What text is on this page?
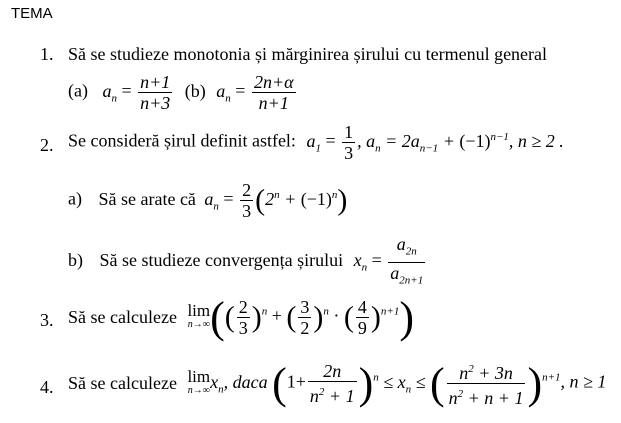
TEMA
1. Să se studieze monotonia și mărginirea șirului cu termenul general
(a) $a_n = \frac{n+1}{n+3} (b) a_n = \frac{2n+\alpha}{n+1}$
2. Se consideră șirul definit astfel: $a_1 = \frac{1}{3}$ , $a_n = 2a_{n-1} + (-1)^{n-1}$, n ≥ 2 .
a) Să se arate că $a_n = \frac{2}{3} (2^n + (-1)^n)$
b) Să se studieze convergența șirului $x_n = \frac{a_{2n}}{a_{2n+1}}$
3. Să se calculeze lim
n→∞ (( $\frac{2}{3} )^n$ + ( $\frac{3}{2} )^n$ · ( $\frac{4}{9} )^{n+1}$)
4. Să se calculeze lim
n→∞ $x_n$, daca $(1+ \frac{2n}{n^2 + 1} )^n \le x_n$ ≤ ( $\frac{n^2 + 3n}{n^2 + n + 1} )^{n+1}$, n ≥ 1
